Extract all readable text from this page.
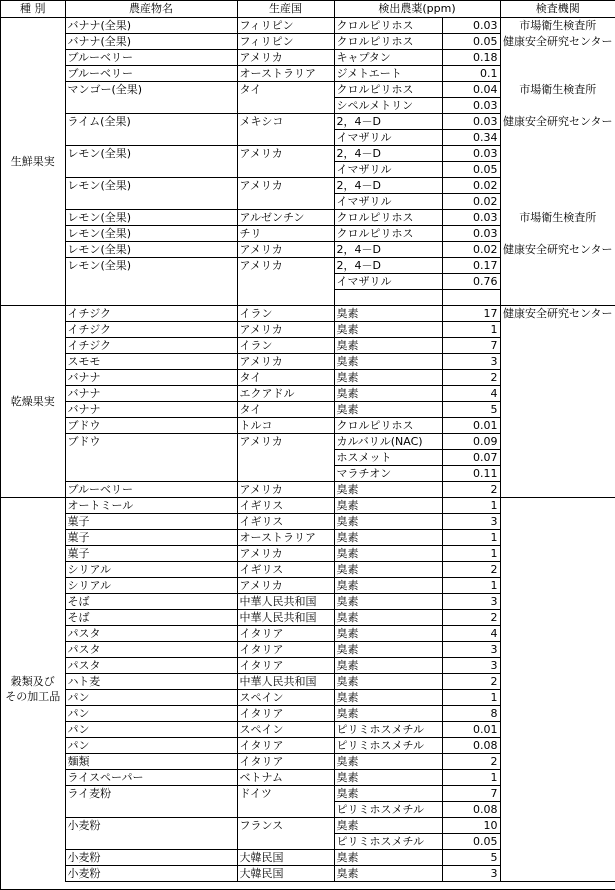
種 別	農産物名	生産国	検出農薬(ppm)		検査機関

生鮮果実	バナナ(全果)	フィリピン	クロルピリホス	0.03	市場衛生検査所
	バナナ(全果)	フィリピン	クロルピリホス	0.05	健康安全研究センター
	ブルーベリー	アメリカ	キャプタン	0.18	
	ブルーベリー	オーストラリア	ジメトエート	0.1	
	マンゴー(全果)	タイ	クロルピリホス	0.04	市場衛生検査所
			シペルメトリン	0.03	
	ライム(全果)	メキシコ	2，4－D	0.03	健康安全研究センター
			イマザリル	0.34	
	レモン(全果)	アメリカ	2，4－D	0.03	
			イマザリル	0.05	
	レモン(全果)	アメリカ	2，4－D	0.02	
			イマザリル	0.02	
	レモン(全果)	アルゼンチン	クロルピリホス	0.03	市場衛生検査所
	レモン(全果)	チリ	クロルピリホス	0.03	
	レモン(全果)	アメリカ	2，4－D	0.02	健康安全研究センター
	レモン(全果)	アメリカ	2，4－D	0.17	
			イマザリル	0.76	

乾燥果実	イチジク	イラン	臭素	17	健康安全研究センター
	イチジク	アメリカ	臭素	1	
	イチジク	イラン	臭素	7	
	スモモ	アメリカ	臭素	3	
	バナナ	タイ	臭素	2	
	バナナ	エクアドル	臭素	4	
	バナナ	タイ	臭素	5	
	ブドウ	トルコ	クロルピリホス	0.01	
	ブドウ	アメリカ	カルバリル(NAC)	0.09	
			ホスメット	0.07	
			マラチオン	0.11	
	ブルーベリー	アメリカ	臭素	2	

穀類及び
その加工品	オートミール	イギリス	臭素	1	
	菓子	イギリス	臭素	3	
	菓子	オーストラリア	臭素	1	
	菓子	アメリカ	臭素	1	
	シリアル	イギリス	臭素	2	
	シリアル	アメリカ	臭素	1	
	そば	中華人民共和国	臭素	3	
	そば	中華人民共和国	臭素	2	
	パスタ	イタリア	臭素	4	
	パスタ	イタリア	臭素	3	
	パスタ	イタリア	臭素	3	
	ハト麦	中華人民共和国	臭素	2	
	パン	スペイン	臭素	1	
	パン	イタリア	臭素	8	
	パン	スペイン	ピリミホスメチル	0.01	
	パン	イタリア	ピリミホスメチル	0.08	
	麺類	イタリア	臭素	2	
	ライスペーパー	ベトナム	臭素	1	
	ライ麦粉	ドイツ	臭素	7	
			ピリミホスメチル	0.08	
	小麦粉	フランス	臭素	10	
			ピリミホスメチル	0.05	
	小麦粉	大韓民国	臭素	5	
	小麦粉	大韓民国	臭素	3	
